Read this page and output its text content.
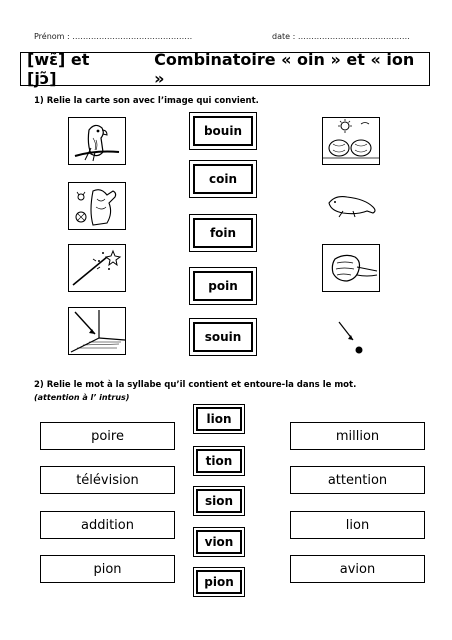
Prénom : ………………………………………	date : ……………………………………
[wɛ̃] et [jɔ̃]
Combinatoire « oin » et « ion »
1) Relie la carte son avec l’image qui convient.
bouin
coin
foin
poin
souin
2) Relie le mot à la syllabe qu’il contient et entoure-la dans le mot.
(attention à l’ intrus)
poire
télévision
addition
pion
lion
tion
sion
vion
pion
million
attention
lion
avion
